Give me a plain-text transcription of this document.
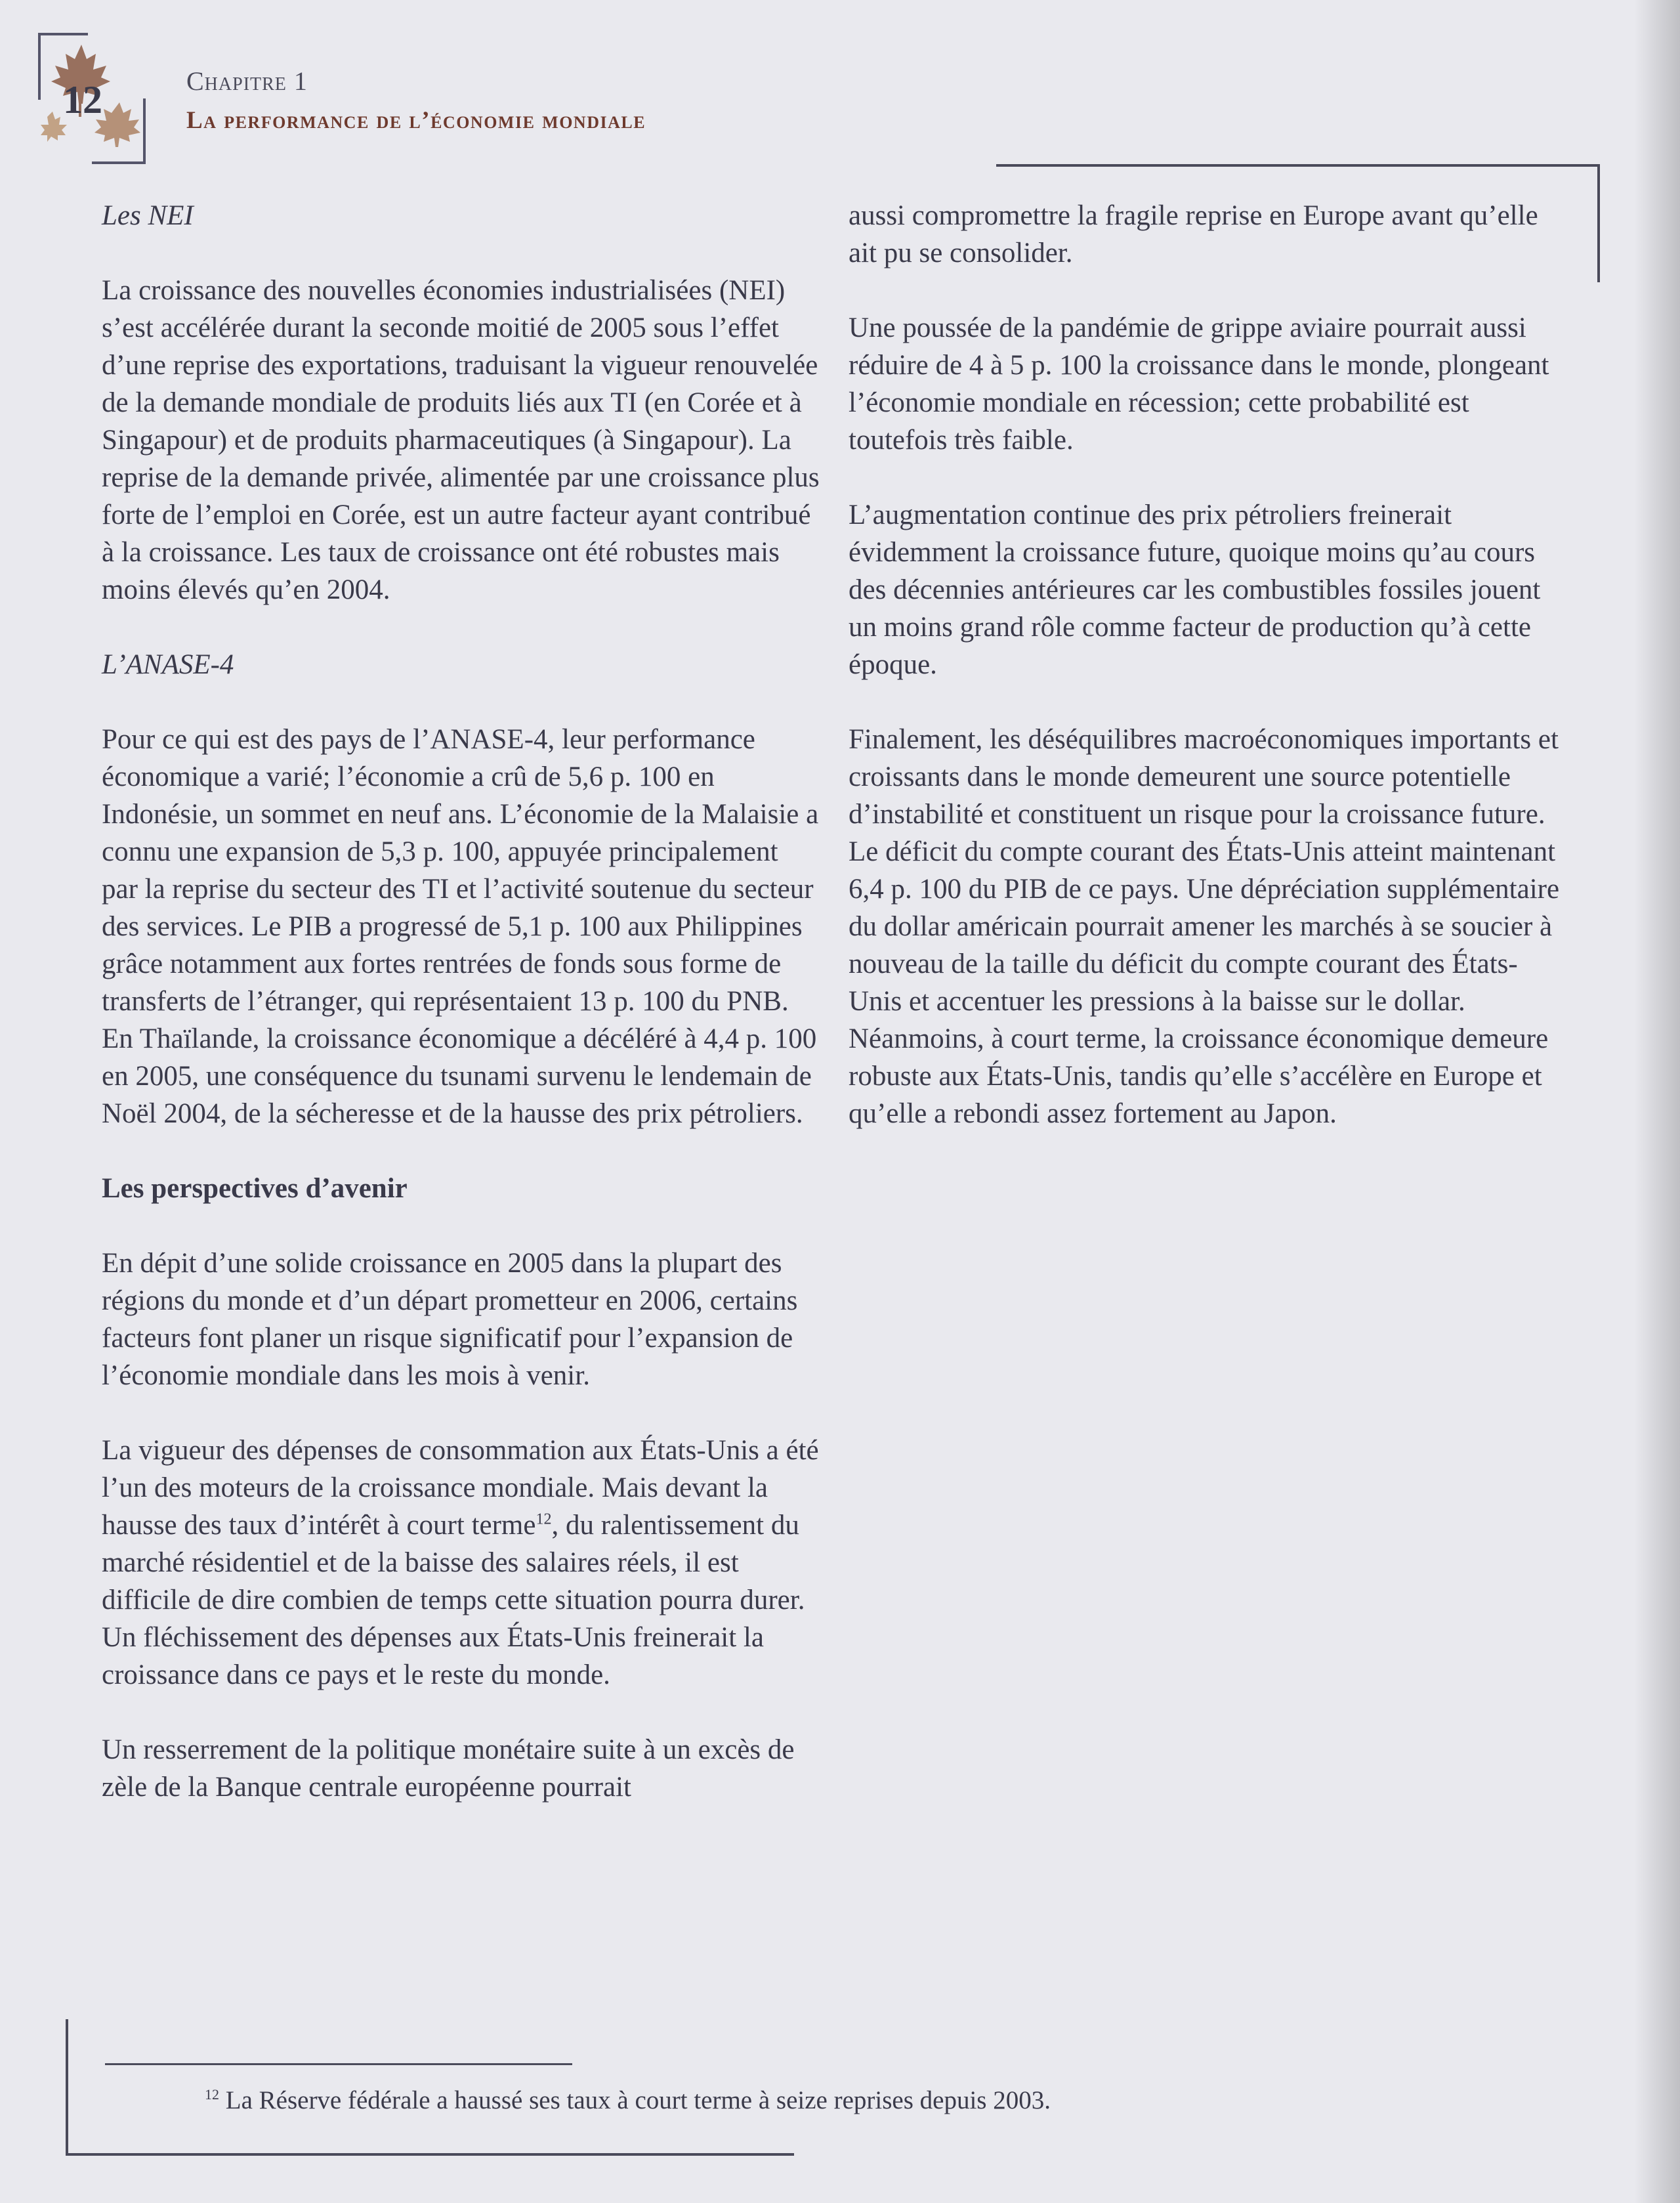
12	Chapitre 1
La performance de l’économie mondiale
Les NEI

La croissance des nouvelles économies industrialisées (NEI) s’est accélérée durant la seconde moitié de 2005 sous l’effet d’une reprise des exportations, traduisant la vigueur renouvelée de la demande mondiale de produits liés aux TI (en Corée et à Singapour) et de produits pharmaceutiques (à Singapour). La reprise de la demande privée, alimentée par une croissance plus forte de l’emploi en Corée, est un autre facteur ayant contribué à la croissance. Les taux de croissance ont été robustes mais moins élevés qu’en 2004.

L’ANASE-4

Pour ce qui est des pays de l’ANASE-4, leur performance économique a varié; l’économie a crû de 5,6 p. 100 en Indonésie, un sommet en neuf ans. L’économie de la Malaisie a connu une expansion de 5,3 p. 100, appuyée principalement par la reprise du secteur des TI et l’activité soutenue du secteur des services. Le PIB a progressé de 5,1 p. 100 aux Philippines grâce notamment aux fortes rentrées de fonds sous forme de transferts de l’étranger, qui représentaient 13 p. 100 du PNB. En Thaïlande, la croissance économique a décéléré à 4,4 p. 100 en 2005, une conséquence du tsunami survenu le lendemain de Noël 2004, de la sécheresse et de la hausse des prix pétroliers.

Les perspectives d’avenir

En dépit d’une solide croissance en 2005 dans la plupart des régions du monde et d’un départ prometteur en 2006, certains facteurs font planer un risque significatif pour l’expansion de l’économie mondiale dans les mois à venir.

La vigueur des dépenses de consommation aux États-Unis a été l’un des moteurs de la croissance mondiale. Mais devant la hausse des taux d’intérêt à court terme$^{12}$, du ralentissement du marché résidentiel et de la baisse des salaires réels, il est difficile de dire combien de temps cette situation pourra durer. Un fléchissement des dépenses aux États-Unis freinerait la croissance dans ce pays et le reste du monde.

Un resserrement de la politique monétaire suite à un excès de zèle de la Banque centrale européenne pourrait

aussi compromettre la fragile reprise en Europe avant qu’elle ait pu se consolider.

Une poussée de la pandémie de grippe aviaire pourrait aussi réduire de 4 à 5 p. 100 la croissance dans le monde, plongeant l’économie mondiale en récession; cette probabilité est toutefois très faible.

L’augmentation continue des prix pétroliers freinerait évidemment la croissance future, quoique moins qu’au cours des décennies antérieures car les combustibles fossiles jouent un moins grand rôle comme facteur de production qu’à cette époque.

Finalement, les déséquilibres macroéconomiques importants et croissants dans le monde demeurent une source potentielle d’instabilité et constituent un risque pour la croissance future. Le déficit du compte courant des États-Unis atteint maintenant 6,4 p. 100 du PIB de ce pays. Une dépréciation supplémentaire du dollar américain pourrait amener les marchés à se soucier à nouveau de la taille du déficit du compte courant des États-Unis et accentuer les pressions à la baisse sur le dollar. Néanmoins, à court terme, la croissance économique demeure robuste aux États-Unis, tandis qu’elle s’accélère en Europe et qu’elle a rebondi assez fortement au Japon.

$^{12}$ La Réserve fédérale a haussé ses taux à court terme à seize reprises depuis 2003.
